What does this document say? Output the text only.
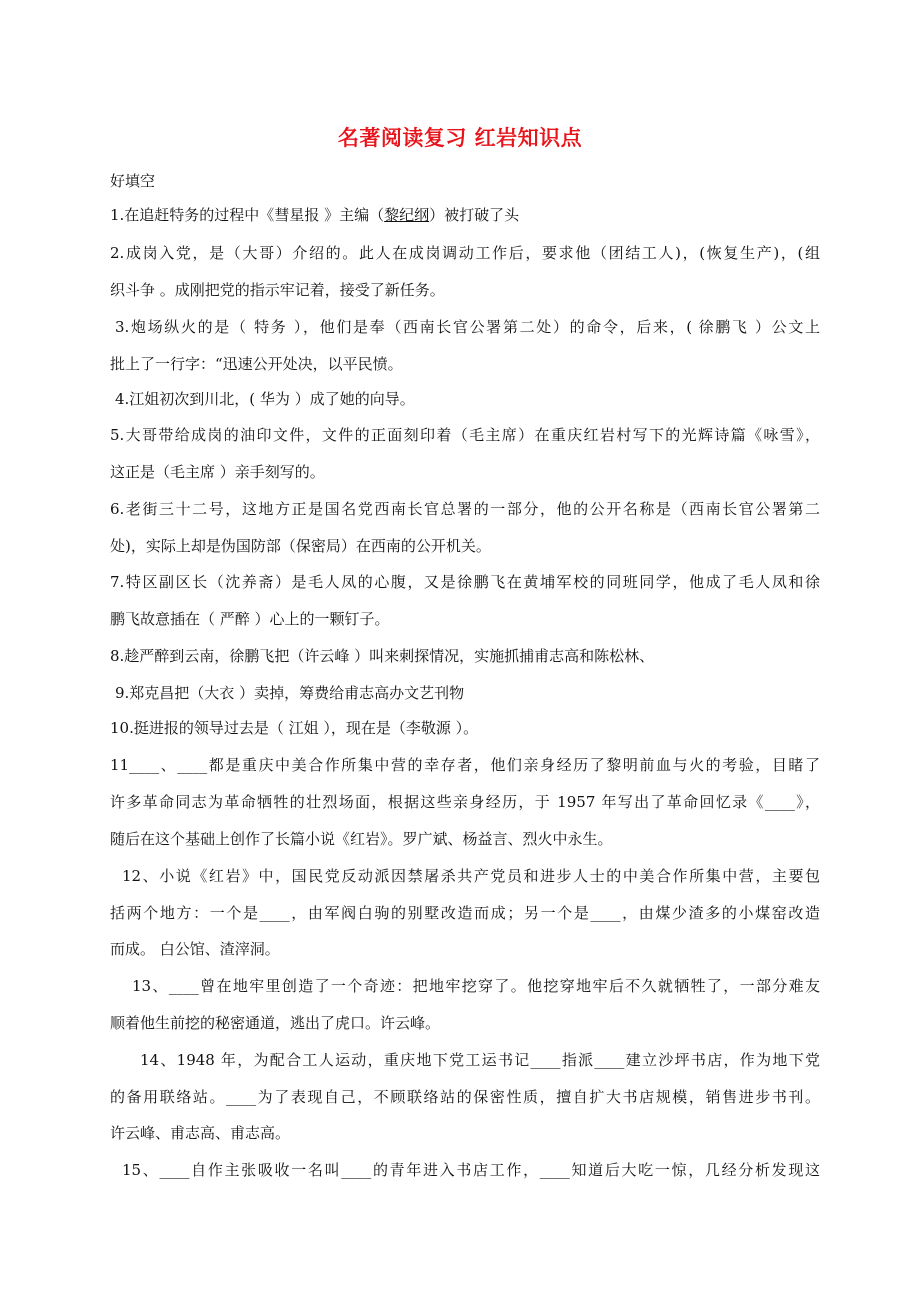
名著阅读复习 红岩知识点
好填空
1.在追赶特务的过程中《彗星报 》主编（黎纪纲）被打破了头
2.成岗入党，是（大哥）介绍的。此人在成岗调动工作后，要求他（团结工人)，(恢复生产)，(组
织斗争 。成刚把党的指示牢记着，接受了新任务。
3.炮场纵火的是（ 特务 ），他们是奉（西南长官公署第二处）的命令，后来，( 徐鹏飞 ）公文上
批上了一行字：“迅速公开处决，以平民愤。
4.江姐初次到川北，( 华为 ）成了她的向导。
5.大哥带给成岗的油印文件，文件的正面刻印着（毛主席）在重庆红岩村写下的光辉诗篇《咏雪》，
这正是（毛主席 ）亲手刻写的。
6.老街三十二号，这地方正是国名党西南长官总署的一部分，他的公开名称是（西南长官公署第二
处)，实际上却是伪国防部（保密局）在西南的公开机关。
7.特区副区长（沈养斋）是毛人凤的心腹，又是徐鹏飞在黄埔军校的同班同学，他成了毛人凤和徐
鹏飞故意插在（ 严醉 ）心上的一颗钉子。
8.趁严醉到云南，徐鹏飞把（许云峰 ）叫来刺探情况，实施抓捕甫志高和陈松林、
9.郑克昌把（大衣 ）卖掉，筹费给甫志高办文艺刊物
10.挺进报的领导过去是（ 江姐 ），现在是（李敬源 ）。
11____、____都是重庆中美合作所集中营的幸存者，他们亲身经历了黎明前血与火的考验，目睹了
许多革命同志为革命牺牲的壮烈场面，根据这些亲身经历，于 1957 年写出了革命回忆录《____》，
随后在这个基础上创作了长篇小说《红岩》。罗广斌、杨益言、烈火中永生。
12、小说《红岩》中，国民党反动派因禁屠杀共产党员和进步人士的中美合作所集中营，主要包
括两个地方：一个是____，由军阀白驹的别墅改造而成；另一个是____，由煤少渣多的小煤窑改造
而成。 白公馆、渣滓洞。
13、____曾在地牢里创造了一个奇迹：把地牢挖穿了。他挖穿地牢后不久就牺牲了，一部分难友
顺着他生前挖的秘密通道，逃出了虎口。许云峰。
14、1948 年，为配合工人运动，重庆地下党工运书记____指派____建立沙坪书店，作为地下党
的备用联络站。____为了表现自己，不顾联络站的保密性质，擅自扩大书店规模，销售进步书刊。
许云峰、甫志高、甫志高。
15、____自作主张吸收一名叫____的青年进入书店工作，____知道后大吃一惊，几经分析发现这
